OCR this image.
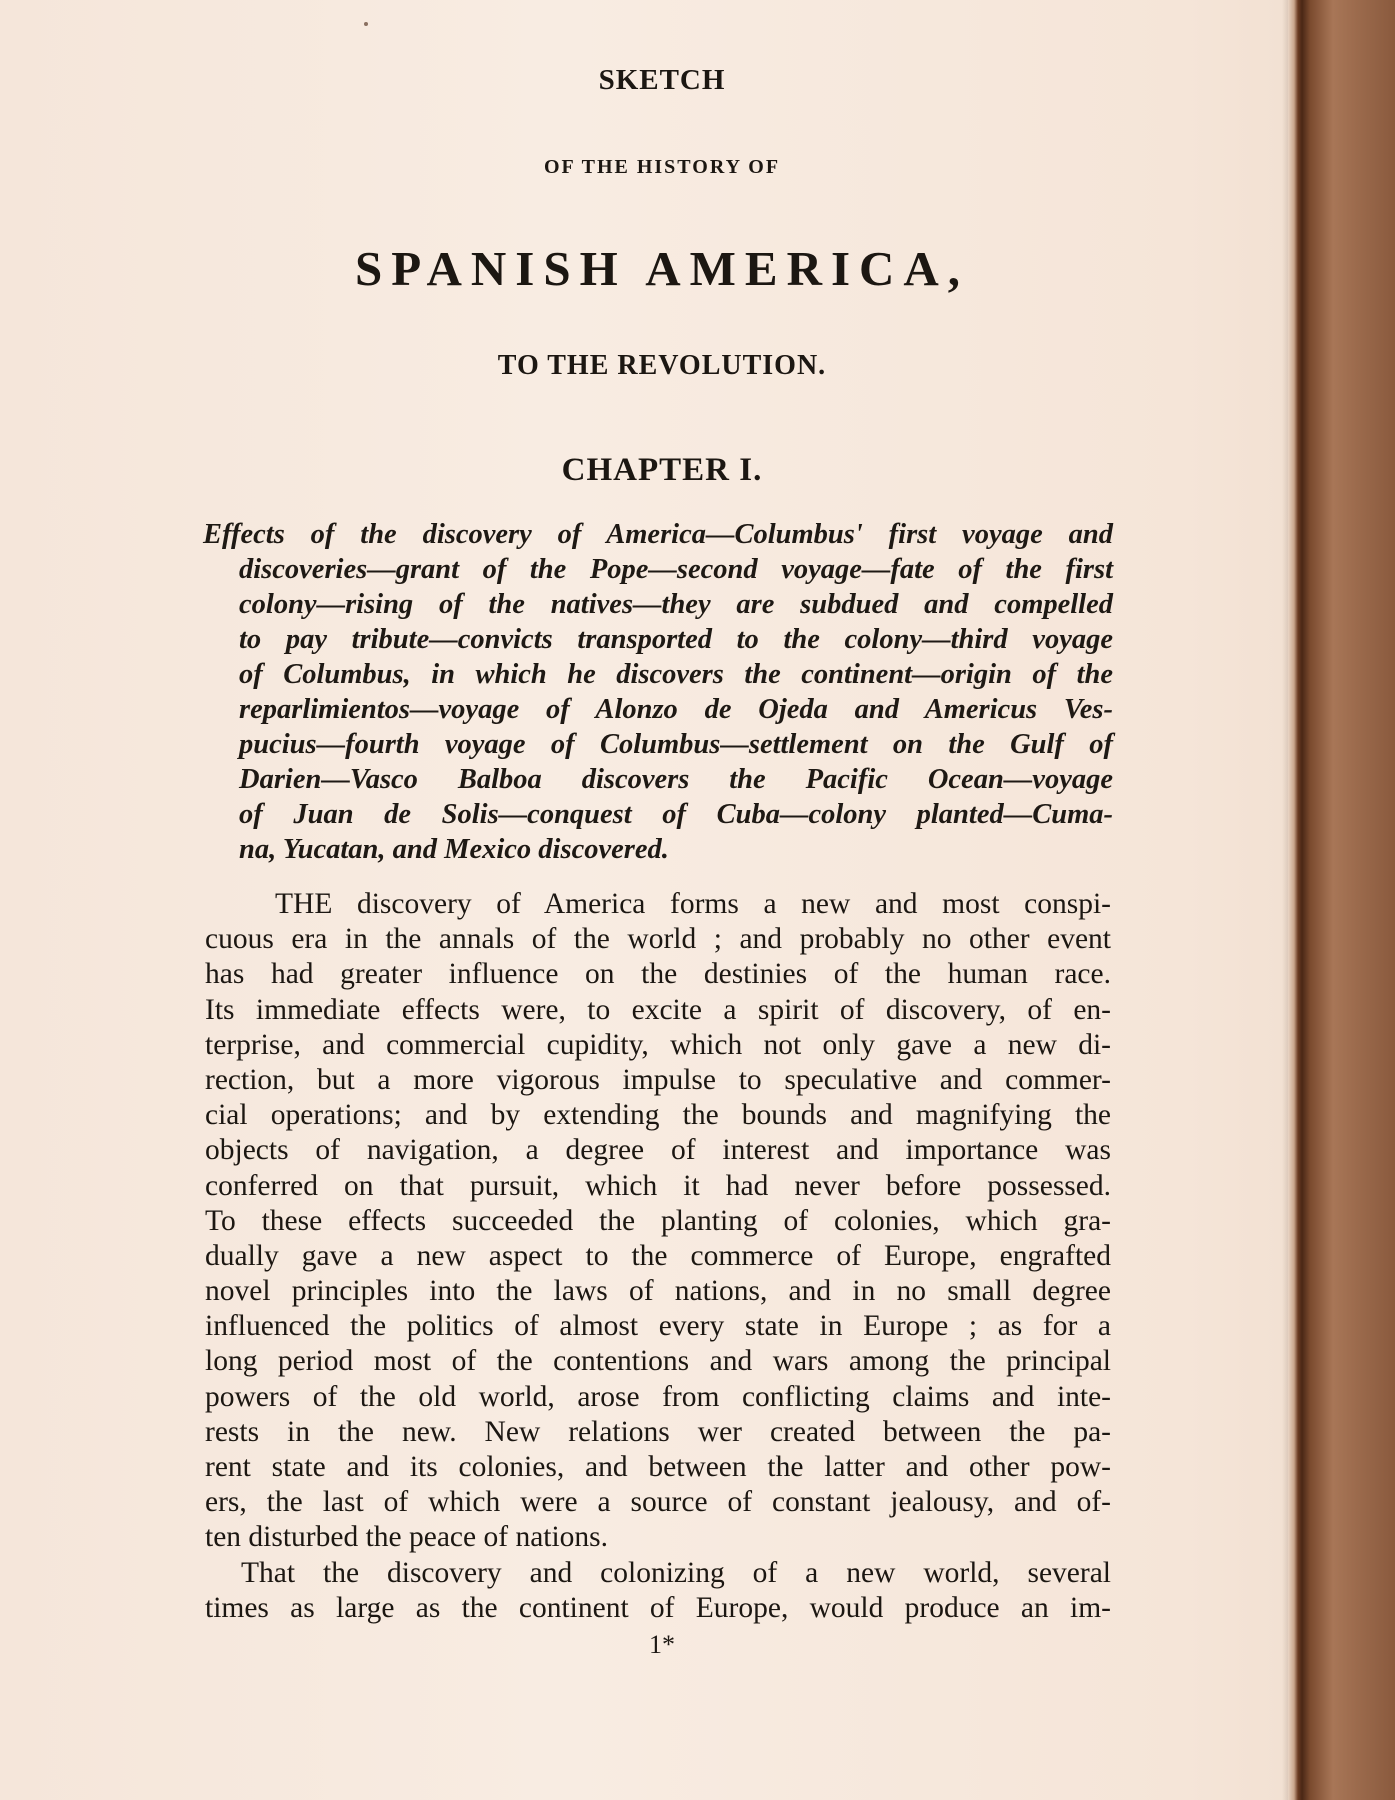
SKETCH
OF THE HISTORY OF
SPANISH AMERICA,
TO THE REVOLUTION.
CHAPTER I.
Effects of the discovery of America—Columbus' first voyage and
discoveries—grant of the Pope—second voyage—fate of the first
colony—rising of the natives—they are subdued and compelled
to pay tribute—convicts transported to the colony—third voyage
of Columbus, in which he discovers the continent—origin of the
reparlimientos—voyage of Alonzo de Ojeda and Americus Ves-
pucius—fourth voyage of Columbus—settlement on the Gulf of
Darien—Vasco Balboa discovers the Pacific Ocean—voyage
of Juan de Solis—conquest of Cuba—colony planted—Cuma-
na, Yucatan, and Mexico discovered.
THE discovery of America forms a new and most conspi-
cuous era in the annals of the world ; and probably no other event
has had greater influence on the destinies of the human race.
Its immediate effects were, to excite a spirit of discovery, of en-
terprise, and commercial cupidity, which not only gave a new di-
rection, but a more vigorous impulse to speculative and commer-
cial operations; and by extending the bounds and magnifying the
objects of navigation, a degree of interest and importance was
conferred on that pursuit, which it had never before possessed.
To these effects succeeded the planting of colonies, which gra-
dually gave a new aspect to the commerce of Europe, engrafted
novel principles into the laws of nations, and in no small degree
influenced the politics of almost every state in Europe ; as for a
long period most of the contentions and wars among the principal
powers of the old world, arose from conflicting claims and inte-
rests in the new. New relations wer created between the pa-
rent state and its colonies, and between the latter and other pow-
ers, the last of which were a source of constant jealousy, and of-
ten disturbed the peace of nations.
That the discovery and colonizing of a new world, several
times as large as the continent of Europe, would produce an im-
1*
